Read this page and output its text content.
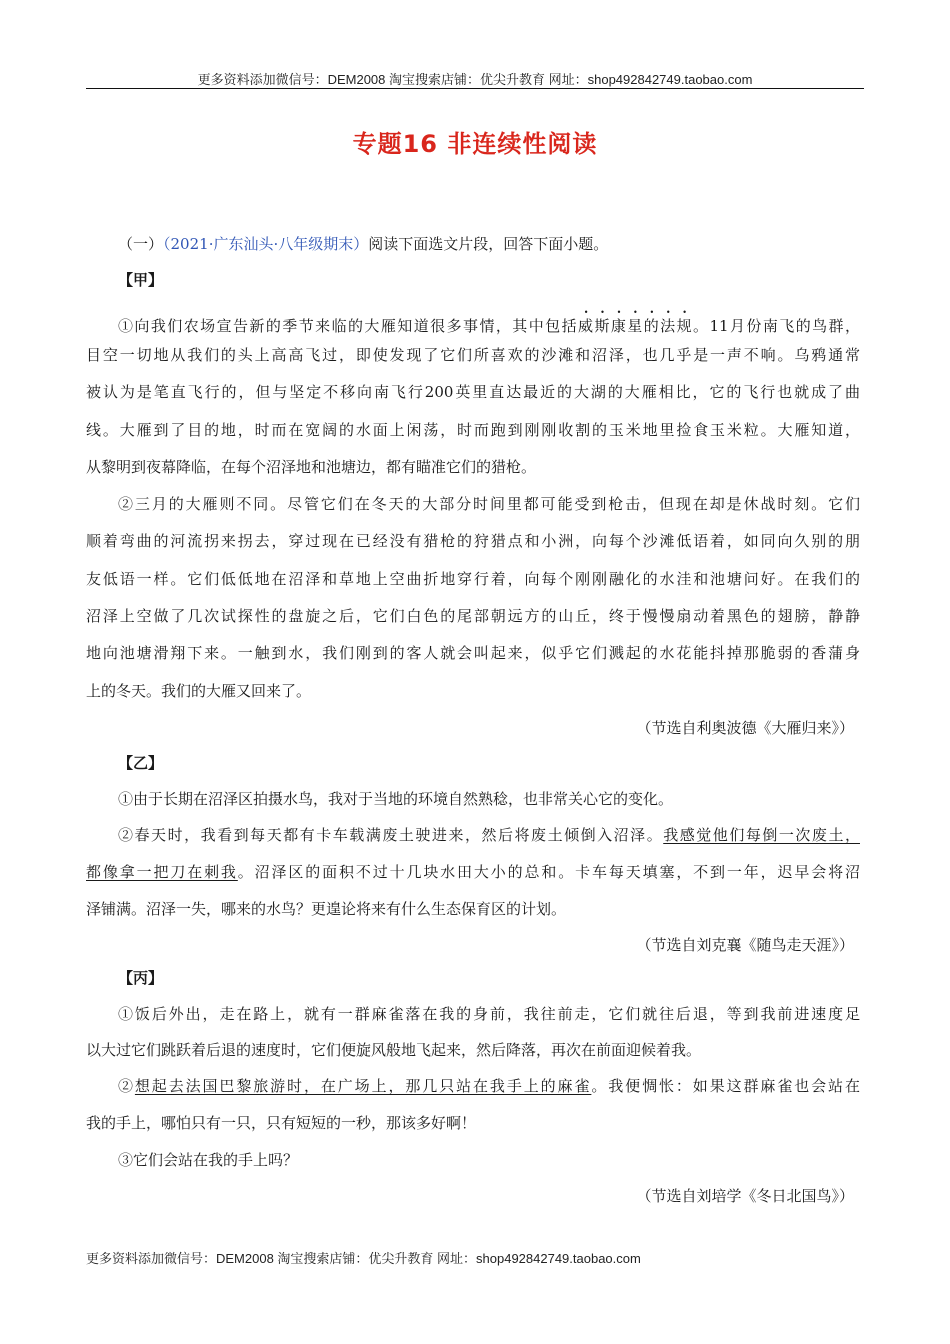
更多资料添加微信号：DEM2008 淘宝搜索店铺：优尖升教育 网址：shop492842749.taobao.com
专题16 非连续性阅读
（一）（2021·广东汕头·八年级期末）阅读下面选文片段，回答下面小题。
【甲】
①向我们农场宣告新的季节来临的大雁知道很多事情，其中包括威斯康星的法规。11月份南飞的鸟群，
目空一切地从我们的头上高高飞过，即使发现了它们所喜欢的沙滩和沼泽，也几乎是一声不响。乌鸦通常
被认为是笔直飞行的，但与坚定不移向南飞行200英里直达最近的大湖的大雁相比，它的飞行也就成了曲
线。大雁到了目的地，时而在宽阔的水面上闲荡，时而跑到刚刚收割的玉米地里捡食玉米粒。大雁知道，
从黎明到夜幕降临，在每个沼泽地和池塘边，都有瞄准它们的猎枪。
②三月的大雁则不同。尽管它们在冬天的大部分时间里都可能受到枪击，但现在却是休战时刻。它们
顺着弯曲的河流拐来拐去，穿过现在已经没有猎枪的狩猎点和小洲，向每个沙滩低语着，如同向久别的朋
友低语一样。它们低低地在沼泽和草地上空曲折地穿行着，向每个刚刚融化的水洼和池塘问好。在我们的
沼泽上空做了几次试探性的盘旋之后，它们白色的尾部朝远方的山丘，终于慢慢扇动着黑色的翅膀，静静
地向池塘滑翔下来。一触到水，我们刚到的客人就会叫起来，似乎它们溅起的水花能抖掉那脆弱的香蒲身
上的冬天。我们的大雁又回来了。
（节选自利奥波德《大雁归来》）
【乙】
①由于长期在沼泽区拍摄水鸟，我对于当地的环境自然熟稔，也非常关心它的变化。
②春天时，我看到每天都有卡车载满废土驶进来，然后将废土倾倒入沼泽。我感觉他们每倒一次废土，
都像拿一把刀在刺我。沼泽区的面积不过十几块水田大小的总和。卡车每天填塞，不到一年，迟早会将沼
泽铺满。沼泽一失，哪来的水鸟？更遑论将来有什么生态保育区的计划。
（节选自刘克襄《随鸟走天涯》）
【丙】
①饭后外出，走在路上，就有一群麻雀落在我的身前，我往前走，它们就往后退，等到我前进速度足
以大过它们跳跃着后退的速度时，它们便旋风般地飞起来，然后降落，再次在前面迎候着我。
②想起去法国巴黎旅游时，在广场上，那几只站在我手上的麻雀。我便惆怅：如果这群麻雀也会站在
我的手上，哪怕只有一只，只有短短的一秒，那该多好啊！
③它们会站在我的手上吗？
（节选自刘培学《冬日北国鸟》）
更多资料添加微信号：DEM2008 淘宝搜索店铺：优尖升教育 网址：shop492842749.taobao.com
